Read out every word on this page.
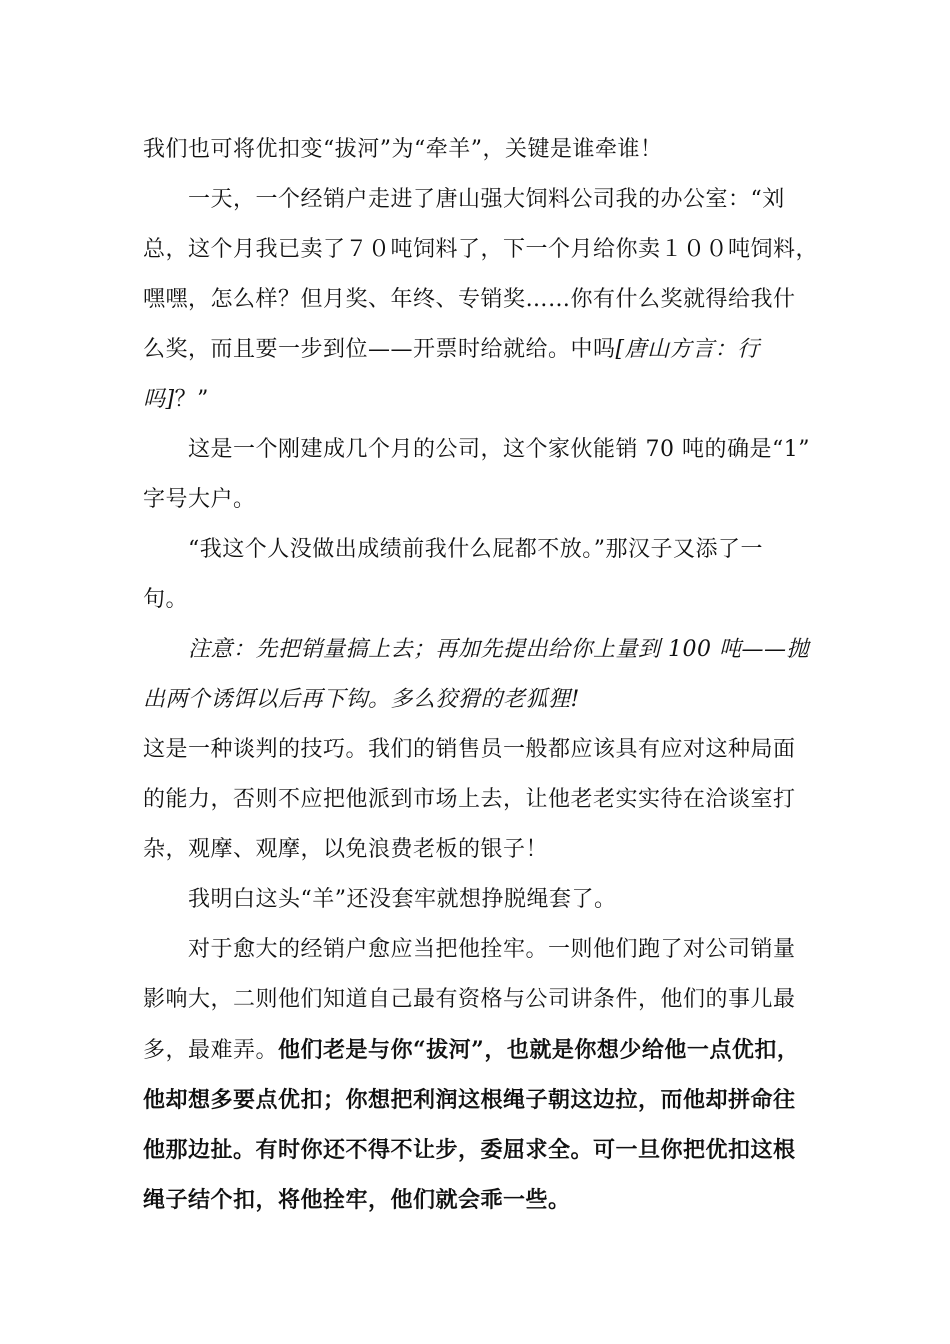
我们也可将优扣变“拔河”为“牵羊”，关键是谁牵谁！
一天，一个经销户走进了唐山强大饲料公司我的办公室：“刘
总，这个月我已卖了７０吨饲料了，下一个月给你卖１００吨饲料，
嘿嘿，怎么样？但月奖、年终、专销奖……你有什么奖就得给我什
么奖，而且要一步到位——开票时给就给。中吗[唐山方言：行
吗]？”
这是一个刚建成几个月的公司，这个家伙能销 70 吨的确是“1”
字号大户。
“我这个人没做出成绩前我什么屁都不放。”那汉子又添了一
句。
注意：先把销量搞上去；再加先提出给你上量到 100 吨——抛
出两个诱饵以后再下钩。多么狡猾的老狐狸!
这是一种谈判的技巧。我们的销售员一般都应该具有应对这种局面
的能力，否则不应把他派到市场上去，让他老老实实待在洽谈室打
杂，观摩、观摩，以免浪费老板的银子！
我明白这头“羊”还没套牢就想挣脱绳套了。
对于愈大的经销户愈应当把他拴牢。一则他们跑了对公司销量
影响大，二则他们知道自己最有资格与公司讲条件，他们的事儿最
多，最难弄。他们老是与你“拔河”，也就是你想少给他一点优扣，
他却想多要点优扣；你想把利润这根绳子朝这边拉，而他却拼命往
他那边扯。有时你还不得不让步，委屈求全。可一旦你把优扣这根
绳子结个扣，将他拴牢，他们就会乖一些。
